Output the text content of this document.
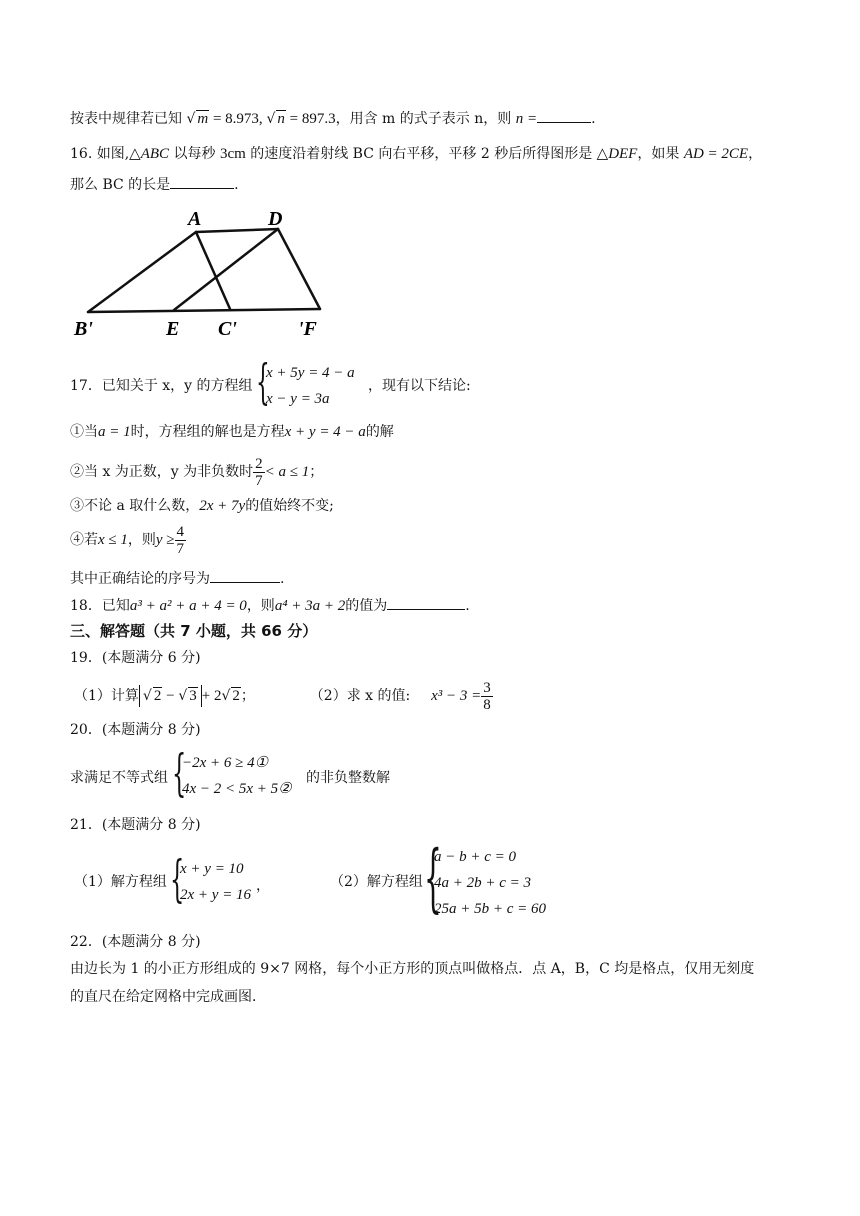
按表中规律若已知 √ m = 8.973, √ n = 897.3，用含 m 的式子表示 n，则 n =	.
16. 如图,△ABC 以每秒 3cm 的速度沿着射线 BC 向右平移，平移 2 秒后所得图形是 △DEF，如果 AD = 2CE，
那么 BC 的长是	.
A	D
B'	E C'	'F
17．已知关于 x，y 的方程组 {
x + 5y = 4 − a
x − y = 3a
，现有以下结论:
①当a = 1时，方程组的解也是方程x + y = 4 − a的解
②当 x 为正数，y 为非负数时 $\frac{2}{7} < a \le 1$；
③不论 a 取什么数，2x + 7y的值始终不变;
④若x ≤ 1，则$y \ge \frac{4}{7}$
其中正确结论的序号为	.
18．已知a³ + a² + a + 4 = 0，则a⁴ + 3a + 2的值为	.
三、解答题（共 7 小题，共 66 分）
19．(本题满分 6 分)
（1）计算 √ 2 − √ 3 + 2√ 2；	（2）求 x 的值: $x^3 - 3 = \frac{3}{8}$
20．(本题满分 8 分)
求满足不等式组 {
−2x + 6 ≥ 4①
4x − 2 < 5x + 5②
的非负整数解
21．(本题满分 8 分)
（1）解方程组 {
x + y = 10
2x + y = 16
，	（2）解方程组 {
a − b + c = 0
4a + 2b + c = 3
25a + 5b + c = 60
22．(本题满分 8 分)
由边长为 1 的小正方形组成的 9×7 网格，每个小正方形的顶点叫做格点．点 A，B，C 均是格点，仅用无刻度
的直尺在给定网格中完成画图．
